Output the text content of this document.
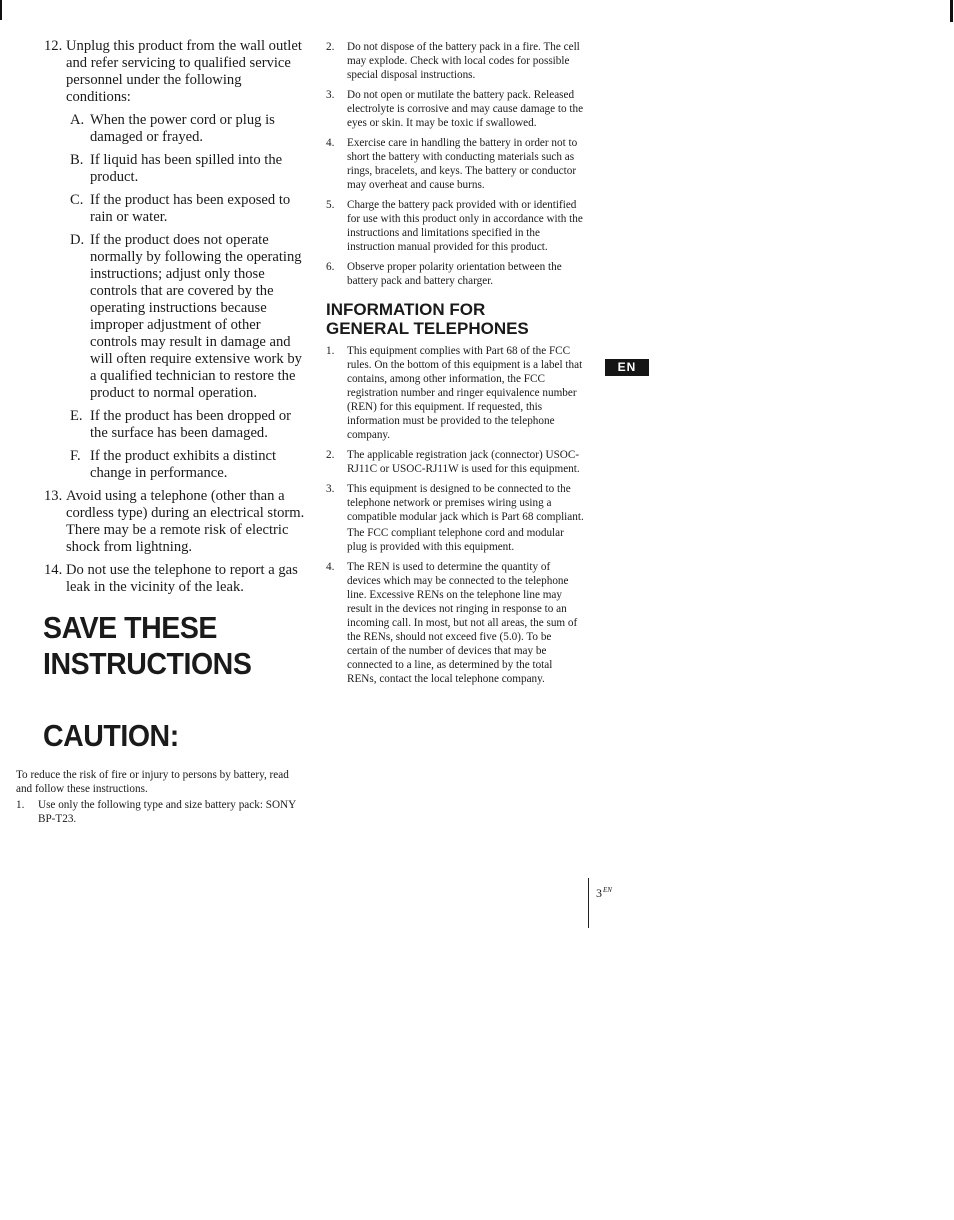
12. Unplug this product from the wall outlet and refer servicing to qualified service personnel under the following conditions:
A. When the power cord or plug is damaged or frayed.
B. If liquid has been spilled into the product.
C. If the product has been exposed to rain or water.
D. If the product does not operate normally by following the operating instructions; adjust only those controls that are covered by the operating instructions because improper adjustment of other controls may result in damage and will often require extensive work by a qualified technician to restore the product to normal operation.
E. If the product has been dropped or the surface has been damaged.
F. If the product exhibits a distinct change in performance.
13. Avoid using a telephone (other than a cordless type) during an electrical storm. There may be a remote risk of electric shock from lightning.
14. Do not use the telephone to report a gas leak in the vicinity of the leak.
SAVE THESE
INSTRUCTIONS
CAUTION:
To reduce the risk of fire or injury to persons by battery, read and follow these instructions.
1. Use only the following type and size battery pack: SONY BP-T23.
2. Do not dispose of the battery pack in a fire. The cell may explode. Check with local codes for possible special disposal instructions.
3. Do not open or mutilate the battery pack. Released electrolyte is corrosive and may cause damage to the eyes or skin. It may be toxic if swallowed.
4. Exercise care in handling the battery in order not to short the battery with conducting materials such as rings, bracelets, and keys. The battery or conductor may overheat and cause burns.
5. Charge the battery pack provided with or identified for use with this product only in accordance with the instructions and limitations specified in the instruction manual provided for this product.
6. Observe proper polarity orientation between the battery pack and battery charger.
INFORMATION FOR
GENERAL TELEPHONES
1. This equipment complies with Part 68 of the FCC rules. On the bottom of this equipment is a label that contains, among other information, the FCC registration number and ringer equivalence number (REN) for this equipment. If requested, this information must be provided to the telephone company.
2. The applicable registration jack (connector) USOC-RJ11C or USOC-RJ11W is used for this equipment.
3. This equipment is designed to be connected to the telephone network or premises wiring using a compatible modular jack which is Part 68 compliant.
The FCC compliant telephone cord and modular plug is provided with this equipment.
4. The REN is used to determine the quantity of devices which may be connected to the telephone line. Excessive RENs on the telephone line may result in the devices not ringing in response to an incoming call. In most, but not all areas, the sum of the RENs, should not exceed five (5.0). To be certain of the number of devices that may be connected to a line, as determined by the total RENs, contact the local telephone company.
EN
$3^{EN}$
